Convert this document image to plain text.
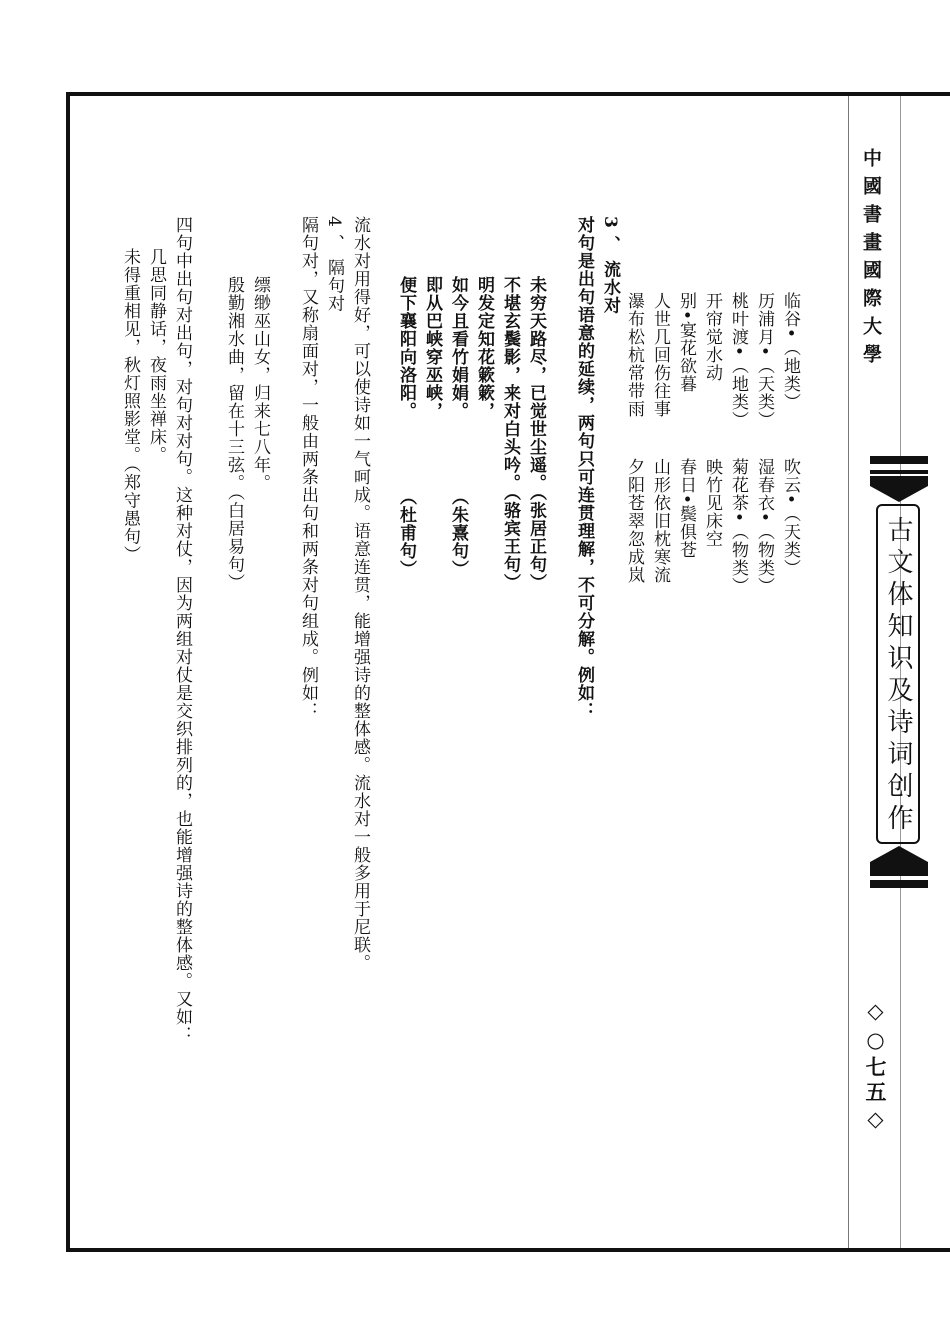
中國書畫國際大學
古文体知识及诗词创作
◇○七五◇
临谷•（地类）
吹云•（天类）
历浦月•（天类）
湿春衣•（物类）
桃叶渡•（地类）
菊花茶•（物类）
开帘觉水动
映竹见床空
别•宴花欲暮
春日•鬓俱苍
人世几回伤往事
山形依旧枕寒流
瀑布松杭常带雨
夕阳苍翠忽成岚
3 、 流水对
对句是出句语意的延续，两句只可连贯理解，不可分解。例如：
未穷天路尽，已觉世尘遥。（张居正句）
不堪玄鬓影，来对白头吟。（骆宾王句）
明发定知花簌簌，
如今且看竹娟娟。
（朱熹句）
即从巴峡穿巫峡，
便下襄阳向洛阳。
（杜甫句）
流水对用得好，可以使诗如一气呵成。语意连贯，能增强诗的整体感。流水对一般多用于尼联。
4 、 隔句对
隔句对，又称扇面对，一般由两条出句和两条对句组成。例如：
缥缈巫山女，归来七八年。
殷勤湘水曲，留在十三弦。（白居易句）
四句中出句对出句，对句对对句。这种对仗，因为两组对仗是交织排列的，也能增强诗的整体感。又如：
几思同静话，夜雨坐禅床。
未得重相见，秋灯照影堂。（郑守愚句）
